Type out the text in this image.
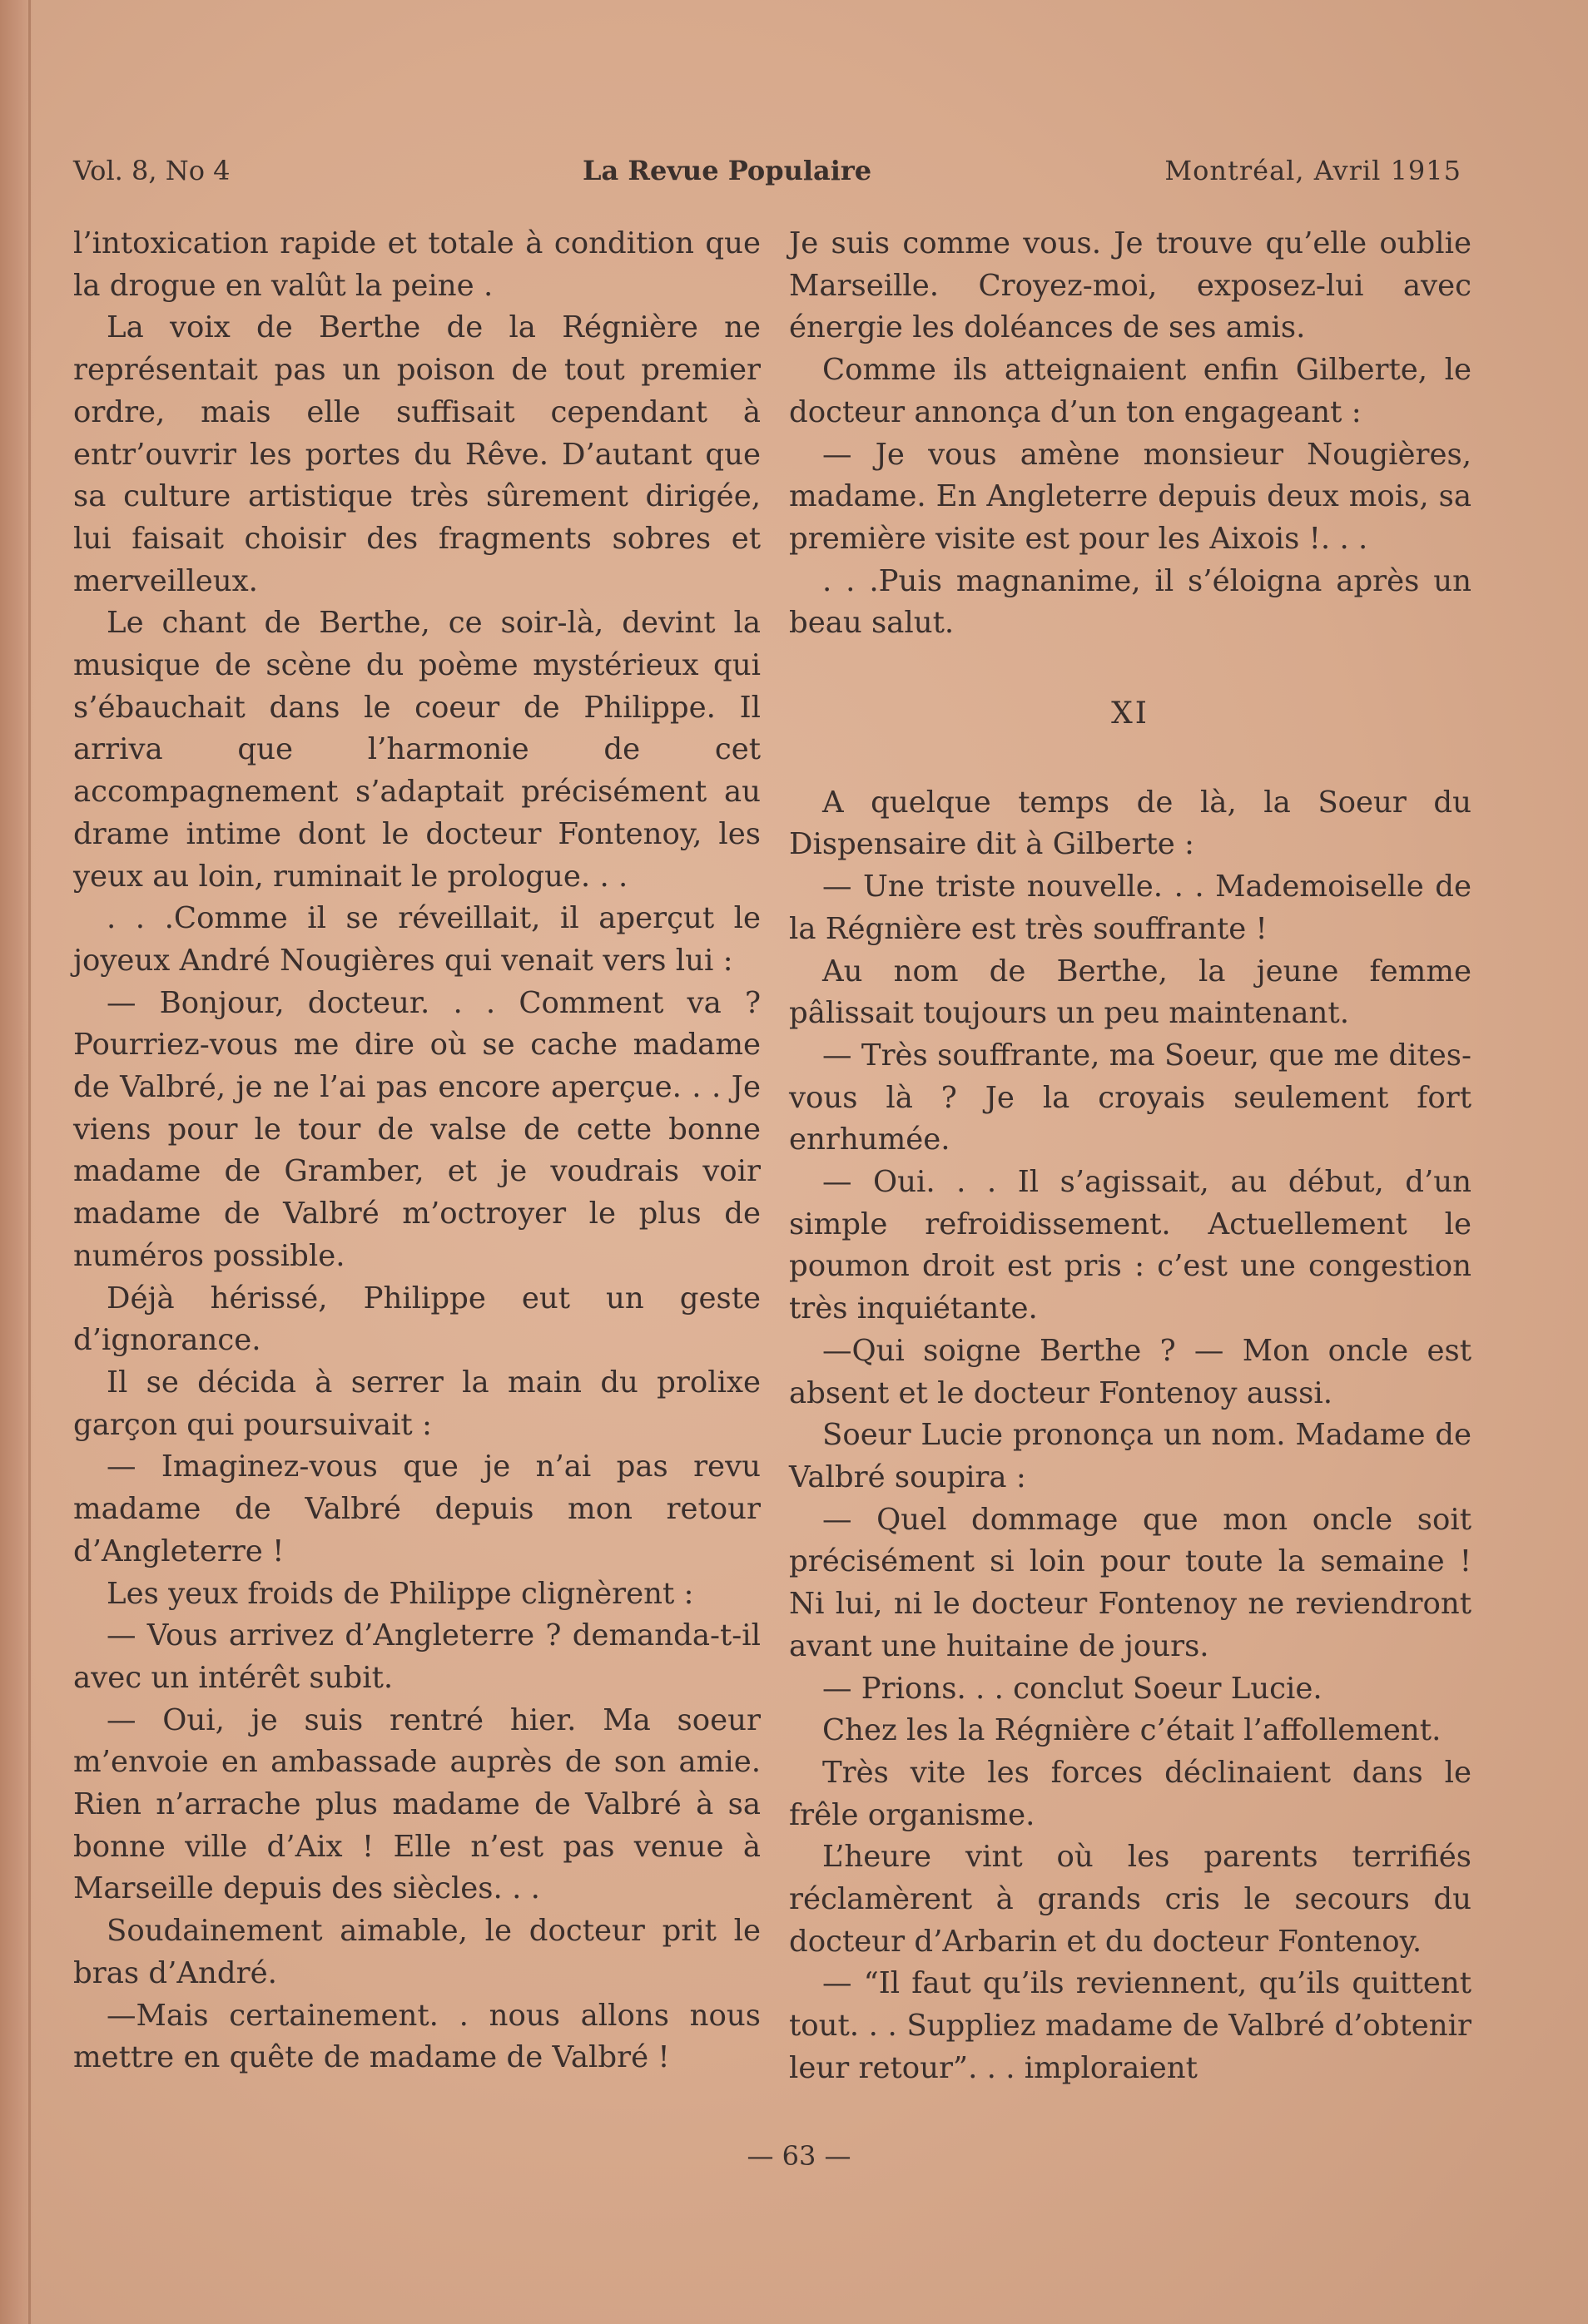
Vol. 8, No 4	La Revue Populaire	Montréal, Avril 1915

l’intoxication rapide et totale à condition que la drogue en valût la peine .

La voix de Berthe de la Régnière ne représentait pas un poison de tout premier ordre, mais elle suffisait cependant à entr’ouvrir les portes du Rêve. D’autant que sa culture artistique très sûrement dirigée, lui faisait choisir des fragments sobres et merveilleux.

Le chant de Berthe, ce soir-là, devint la musique de scène du poème mystérieux qui s’ébauchait dans le coeur de Philippe. Il arriva que l’harmonie de cet accompagnement s’adaptait précisément au drame intime dont le docteur Fontenoy, les yeux au loin, ruminait le prologue. . .

. . .Comme il se réveillait, il aperçut le joyeux André Nougières qui venait vers lui :

— Bonjour, docteur. . . Comment va ? Pourriez-vous me dire où se cache madame de Valbré, je ne l’ai pas encore aperçue. . . Je viens pour le tour de valse de cette bonne madame de Gramber, et je voudrais voir madame de Valbré m’octroyer le plus de numéros possible.

Déjà hérissé, Philippe eut un geste d’ignorance.

Il se décida à serrer la main du prolixe garçon qui poursuivait :

— Imaginez-vous que je n’ai pas revu madame de Valbré depuis mon retour d’Angleterre !

Les yeux froids de Philippe clignèrent :

— Vous arrivez d’Angleterre ? demanda-t-il avec un intérêt subit.

— Oui, je suis rentré hier. Ma soeur m’envoie en ambassade auprès de son amie. Rien n’arrache plus madame de Valbré à sa bonne ville d’Aix ! Elle n’est pas venue à Marseille depuis des siècles. . .

Soudainement aimable, le docteur prit le bras d’André.

—Mais certainement. . nous allons nous mettre en quête de madame de Valbré !

Je suis comme vous. Je trouve qu’elle oublie Marseille. Croyez-moi, exposez-lui avec énergie les doléances de ses amis.

Comme ils atteignaient enfin Gilberte, le docteur annonça d’un ton engageant :

— Je vous amène monsieur Nougières, madame. En Angleterre depuis deux mois, sa première visite est pour les Aixois !. . .

. . .Puis magnanime, il s’éloigna après un beau salut.

XI

A quelque temps de là, la Soeur du Dispensaire dit à Gilberte :

— Une triste nouvelle. . . Mademoiselle de la Régnière est très souffrante !

Au nom de Berthe, la jeune femme pâlissait toujours un peu maintenant.

— Très souffrante, ma Soeur, que me dites-vous là ? Je la croyais seulement fort enrhumée.

— Oui. . . Il s’agissait, au début, d’un simple refroidissement. Actuellement le poumon droit est pris : c’est une congestion très inquiétante.

—Qui soigne Berthe ? — Mon oncle est absent et le docteur Fontenoy aussi.

Soeur Lucie prononça un nom. Madame de Valbré soupira :

— Quel dommage que mon oncle soit précisément si loin pour toute la semaine ! Ni lui, ni le docteur Fontenoy ne reviendront avant une huitaine de jours.

— Prions. . . conclut Soeur Lucie.

Chez les la Régnière c’était l’affollement.

Très vite les forces déclinaient dans le frêle organisme.

L’heure vint où les parents terrifiés réclamèrent à grands cris le secours du docteur d’Arbarin et du docteur Fontenoy.

— “Il faut qu’ils reviennent, qu’ils quittent tout. . . Suppliez madame de Valbré d’obtenir leur retour”. . . imploraient

— 63 —
